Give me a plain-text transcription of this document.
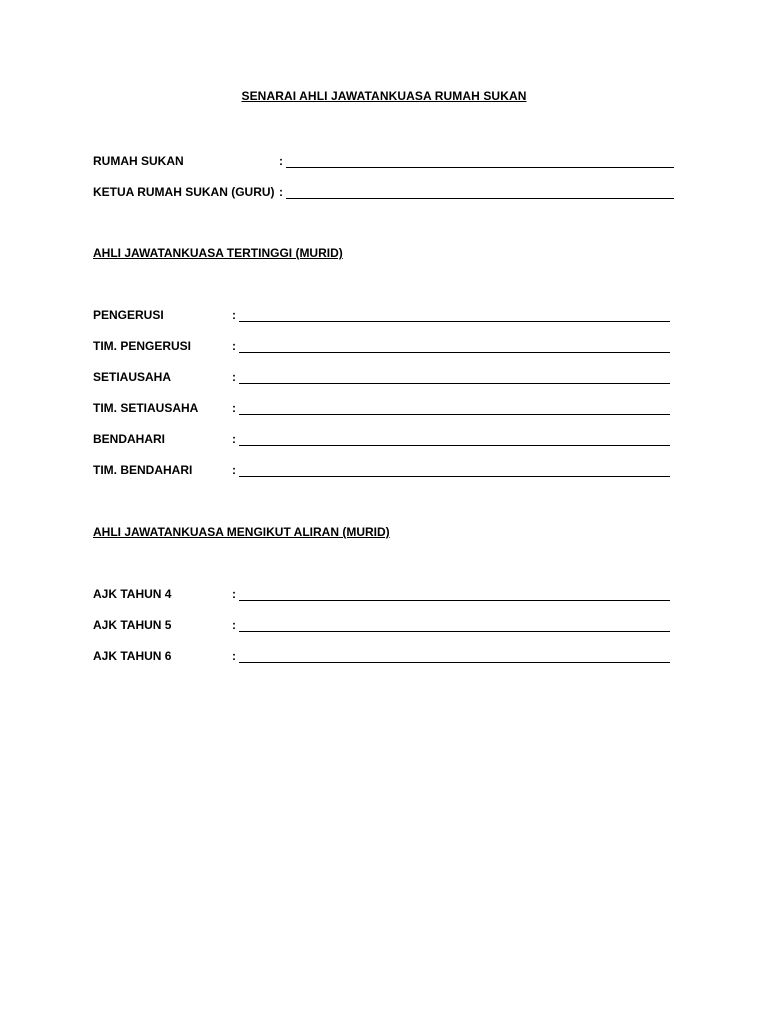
SENARAI AHLI JAWATANKUASA RUMAH SUKAN
RUMAH SUKAN	:
KETUA RUMAH SUKAN (GURU) :
AHLI JAWATANKUASA TERTINGGI (MURID)
PENGERUSI	:
TIM. PENGERUSI	:
SETIAUSAHA	:
TIM. SETIAUSAHA	:
BENDAHARI	:
TIM. BENDAHARI	:
AHLI JAWATANKUASA MENGIKUT ALIRAN (MURID)
AJK TAHUN 4	:
AJK TAHUN 5	:
AJK TAHUN 6	:
